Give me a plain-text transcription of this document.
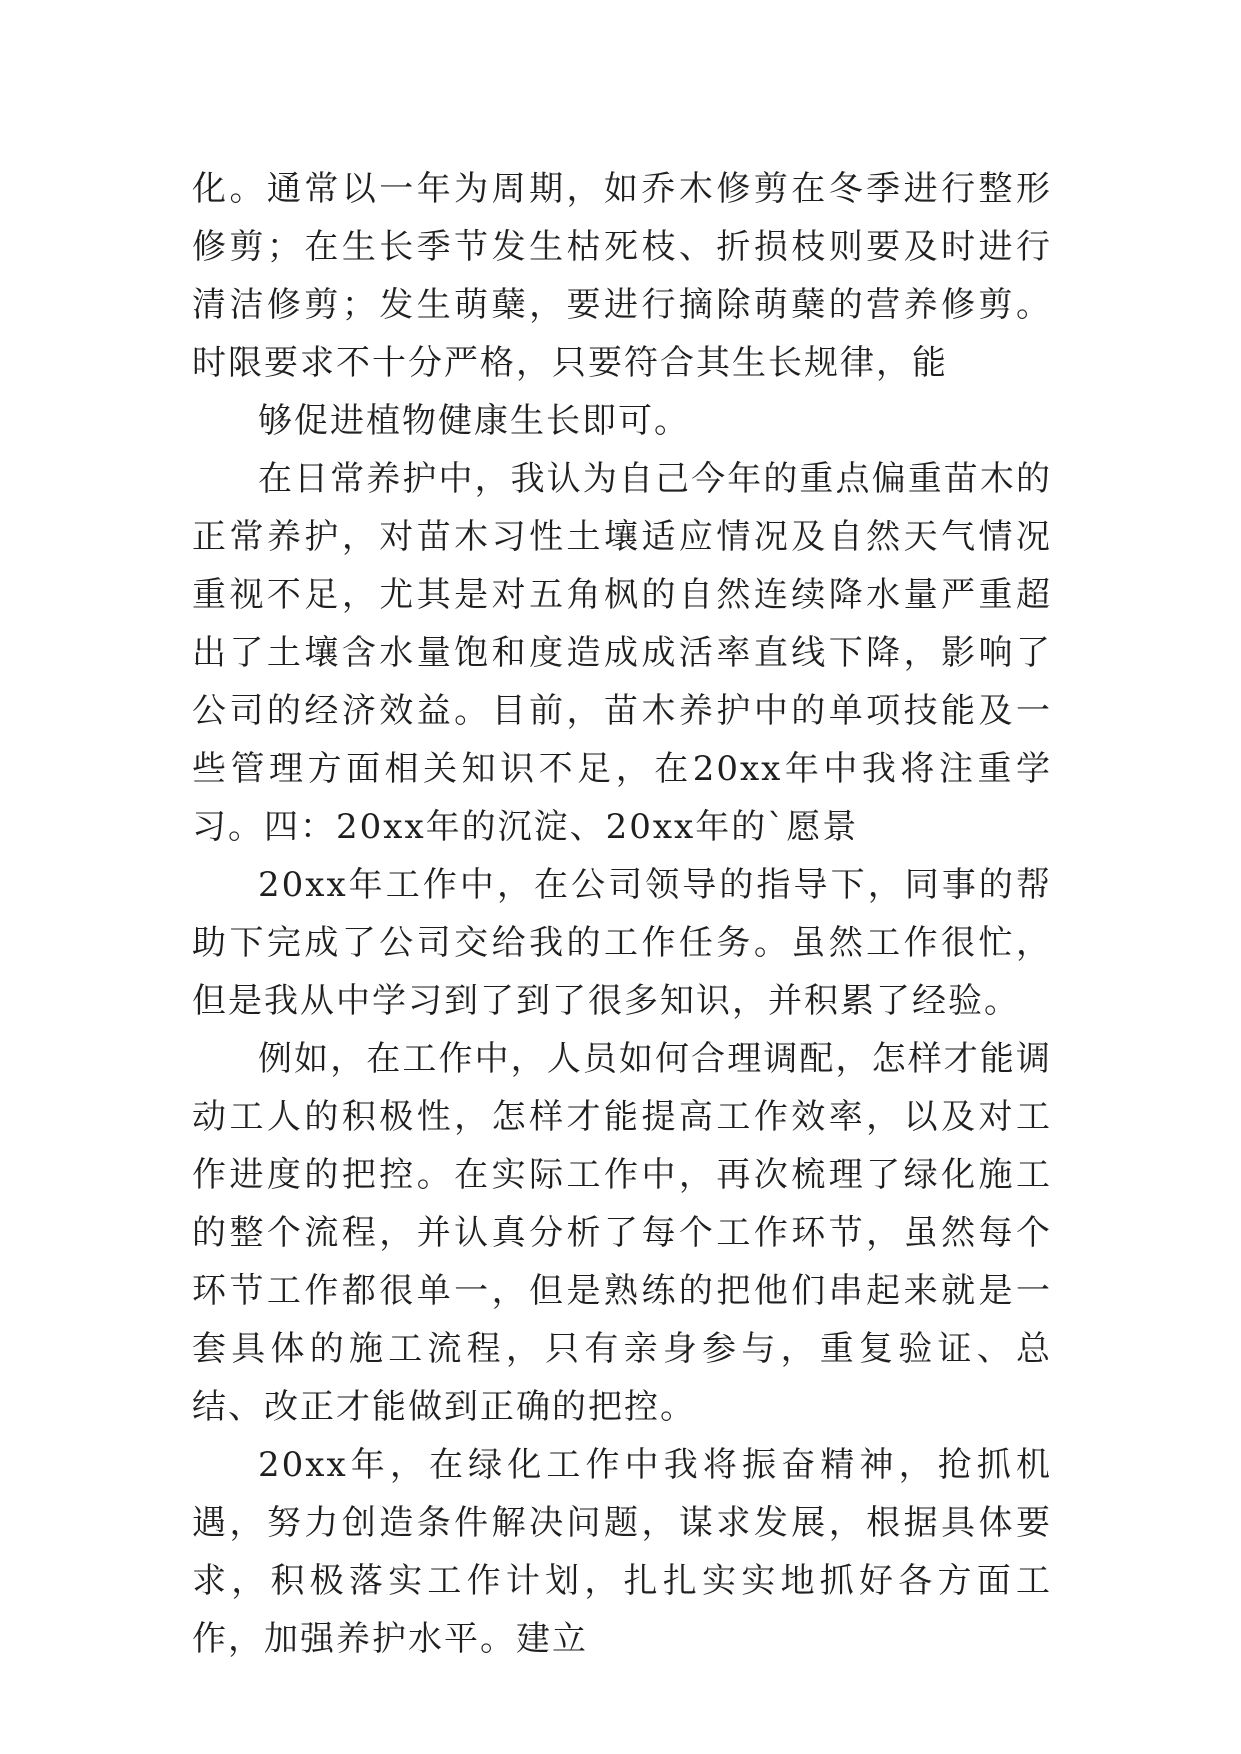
化。通常以一年为周期，如乔木修剪在冬季进行整形修剪；在生长季节发生枯死枝、折损枝则要及时进行清洁修剪；发生萌蘖，要进行摘除萌蘖的营养修剪。时限要求不十分严格，只要符合其生长规律，能

够促进植物健康生长即可。

在日常养护中，我认为自己今年的重点偏重苗木的正常养护，对苗木习性土壤适应情况及自然天气情况重视不足，尤其是对五角枫的自然连续降水量严重超出了土壤含水量饱和度造成成活率直线下降，影响了公司的经济效益。目前，苗木养护中的单项技能及一些管理方面相关知识不足，在20xx年中我将注重学习。四：20xx年的沉淀、20xx年的`愿景

20xx年工作中，在公司领导的指导下，同事的帮助下完成了公司交给我的工作任务。虽然工作很忙，但是我从中学习到了到了很多知识，并积累了经验。

例如，在工作中，人员如何合理调配，怎样才能调动工人的积极性，怎样才能提高工作效率，以及对工作进度的把控。在实际工作中，再次梳理了绿化施工的整个流程，并认真分析了每个工作环节，虽然每个环节工作都很单一，但是熟练的把他们串起来就是一套具体的施工流程，只有亲身参与，重复验证、总结、改正才能做到正确的把控。

20xx年，在绿化工作中我将振奋精神，抢抓机遇，努力创造条件解决问题，谋求发展，根据具体要求，积极落实工作计划，扎扎实实地抓好各方面工作，加强养护水平。建立
